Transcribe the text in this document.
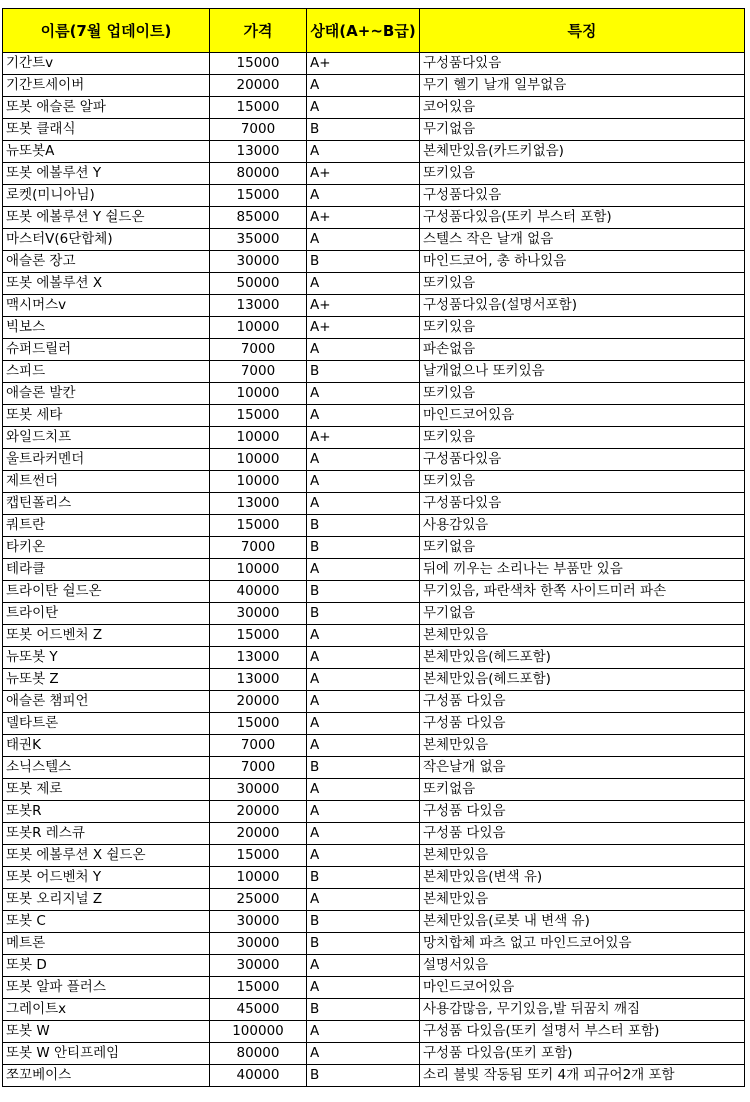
이름(7월 업데이트)	가격	상태(A+~B급)	특징
기간트v	15000	A+	구성품다있음
기간트세이버	20000	A	무기 헬기 날개 일부없음
또봇 애슬론 알파	15000	A	코어있음
또봇 클래식	7000	B	무기없음
뉴또봇A	13000	A	본체만있음(카드키없음)
또봇 에볼루션 Y	80000	A+	또키있음
로켓(미니아님)	15000	A	구성품다있음
또봇 에볼루션 Y 쉴드온	85000	A+	구성품다있음(또키 부스터 포함)
마스터V(6단합체)	35000	A	스텔스 작은 날개 없음
애슬론 장고	30000	B	마인드코어, 총 하나있음
또봇 에볼루션 X	50000	A	또키있음
맥시머스v	13000	A+	구성품다있음(설명서포함)
빅보스	10000	A+	또키있음
슈퍼드릴러	7000	A	파손없음
스피드	7000	B	날개없으나 또키있음
애슬론 발칸	10000	A	또키있음
또봇 세타	15000	A	마인드코어있음
와일드치프	10000	A+	또키있음
울트라커멘더	10000	A	구성품다있음
제트썬더	10000	A	또키있음
캡틴폴리스	13000	A	구성품다있음
쿼트란	15000	B	사용감있음
타키온	7000	B	또키없음
테라클	10000	A	뒤에 끼우는 소리나는 부품만 있음
트라이탄 쉴드온	40000	B	무기있음, 파란색차 한쪽 사이드미러 파손
트라이탄	30000	B	무기없음
또봇 어드벤처 Z	15000	A	본체만있음
뉴또봇 Y	13000	A	본체만있음(헤드포함)
뉴또봇 Z	13000	A	본체만있음(헤드포함)
애슬론 챔피언	20000	A	구성품 다있음
델타트론	15000	A	구성품 다있음
태권K	7000	A	본체만있음
소닉스텔스	7000	B	작은날개 없음
또봇 제로	30000	A	또키없음
또봇R	20000	A	구성품 다있음
또봇R 레스큐	20000	A	구성품 다있음
또봇 에볼루션 X 쉴드온	15000	A	본체만있음
또봇 어드벤처 Y	10000	B	본체만있음(변색 유)
또봇 오리지널 Z	25000	A	본체만있음
또봇 C	30000	B	본체만있음(로봇 내 변색 유)
메트론	30000	B	망치합체 파츠 없고 마인드코어있음
또봇 D	30000	A	설명서있음
또봇 알파 플러스	15000	A	마인드코어있음
그레이트x	45000	B	사용감많음, 무기있음,발 뒤꿈치 깨짐
또봇 W	100000	A	구성품 다있음(또키 설명서 부스터 포함)
또봇 W 안티프레임	80000	A	구성품 다있음(또키 포함)
쪼꼬베이스	40000	B	소리 불빛 작동됨 또키 4개 피규어2개 포함
